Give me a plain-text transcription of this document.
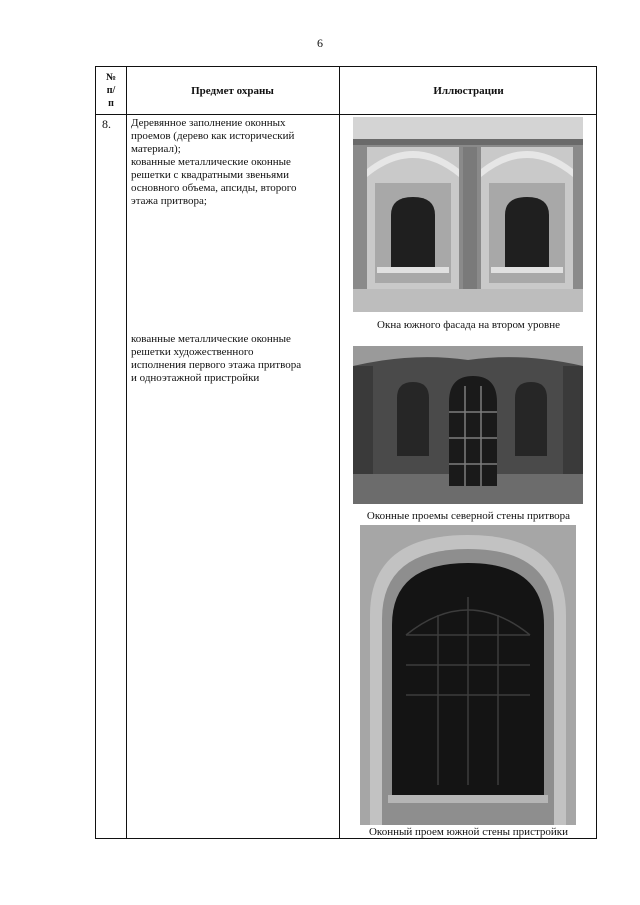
6
№
п/
п
Предмет охраны	Иллюстрации
8. Деревянное заполнение оконных

проемов (дерево как исторический

материал);

кованные металлические оконные

решетки с квадратными звеньями

основного объема, апсиды, второго

этажа притвора;

кованные металлические оконные

решетки художественного

исполнения первого этажа притвора

и одноэтажной пристройки

Окна южного фасада на втором уровне
Оконные проемы северной стены притвора
Оконный проем южной стены пристройки
